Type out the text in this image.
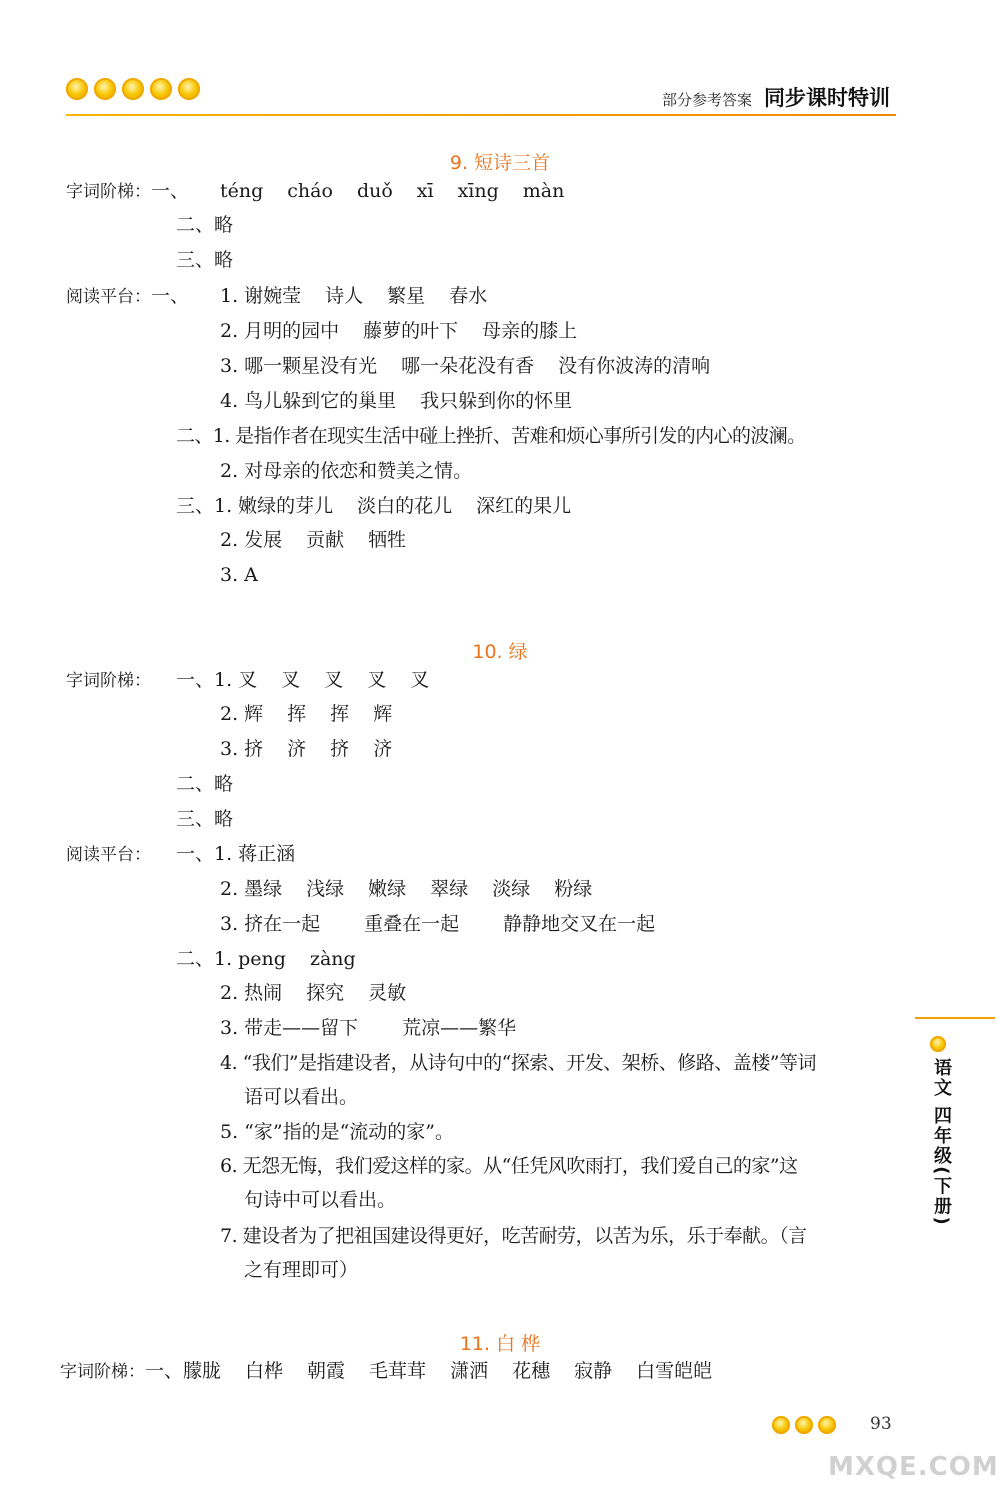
部分参考答案 同步课时特训
9. 短诗三首
字词阶梯：一、 téng cháo duǒ xī xīng màn
二、略
三、略
阅读平台：一、 1. 谢婉莹 诗人 繁星 春水
2. 月明的园中 藤萝的叶下 母亲的膝上
3. 哪一颗星没有光 哪一朵花没有香 没有你波涛的清响
4. 鸟儿躲到它的巢里 我只躲到你的怀里
二、1. 是指作者在现实生活中碰上挫折、苦难和烦心事所引发的内心的波澜。
2. 对母亲的依恋和赞美之情。
三、1. 嫩绿的芽儿 淡白的花儿 深红的果儿
2. 发展 贡献 牺牲
3. A
10. 绿
字词阶梯： 一、1. 叉 叉 叉 叉 叉
2. 辉 挥 挥 辉
3. 挤 济 挤 济
二、略
三、略
阅读平台： 一、1. 蒋正涵
2. 墨绿 浅绿 嫩绿 翠绿 淡绿 粉绿
3. 挤在一起 重叠在一起 静静地交叉在一起
二、1. peng zàng
2. 热闹 探究 灵敏
3. 带走——留下 荒凉——繁华
4. “我们”是指建设者，从诗句中的“探索、开发、架桥、修路、盖楼”等词
语可以看出。
5. “家”指的是“流动的家”。
6. 无怨无悔，我们爱这样的家。从“任凭风吹雨打，我们爱自己的家”这
句诗中可以看出。
7. 建设者为了把祖国建设得更好，吃苦耐劳，以苦为乐，乐于奉献。（言
之有理即可）
11. 白 桦
字词阶梯：一、朦胧 白桦 朝霞 毛茸茸 潇洒 花穗 寂静 白雪皑皑
语文 四年级(下册)
93
MXQE.COM
